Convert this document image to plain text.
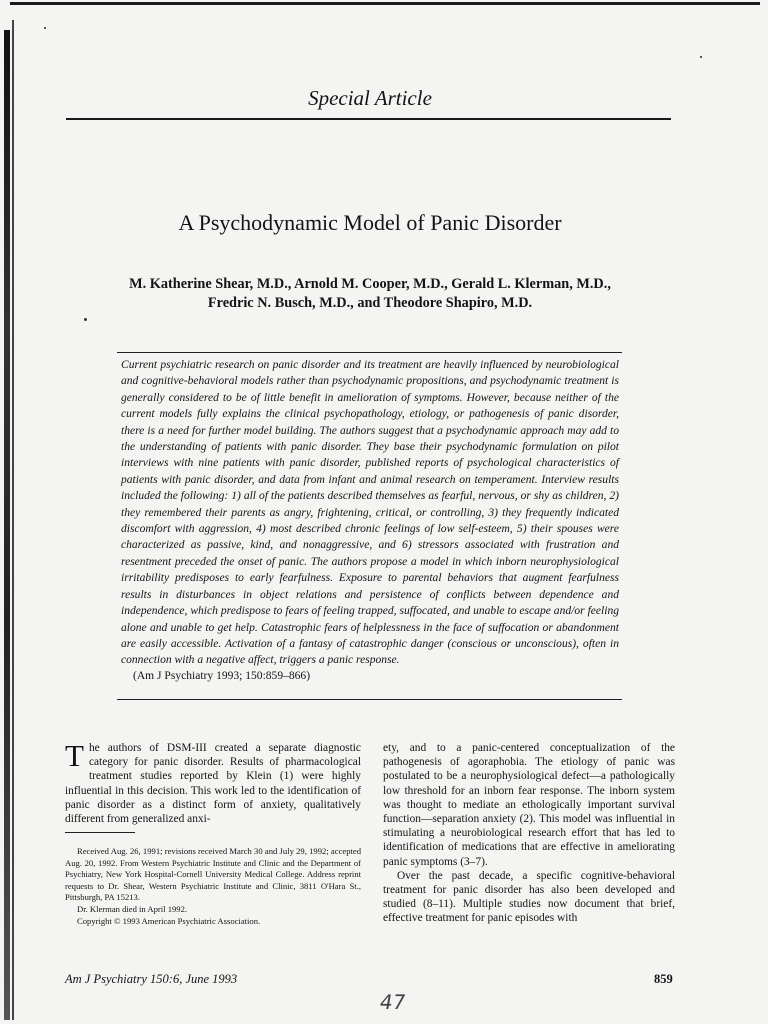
Special Article
A Psychodynamic Model of Panic Disorder
M. Katherine Shear, M.D., Arnold M. Cooper, M.D., Gerald L. Klerman, M.D.,
Fredric N. Busch, M.D., and Theodore Shapiro, M.D.
Current psychiatric research on panic disorder and its treatment are heavily influenced by neurobiological and cognitive-behavioral models rather than psychodynamic propositions, and psychodynamic treatment is generally considered to be of little benefit in amelioration of symptoms. However, because neither of the current models fully explains the clinical psychopathology, etiology, or pathogenesis of panic disorder, there is a need for further model building. The authors suggest that a psychodynamic approach may add to the understanding of patients with panic disorder. They base their psychodynamic formulation on pilot interviews with nine patients with panic disorder, published reports of psychological characteristics of patients with panic disorder, and data from infant and animal research on temperament. Interview results included the following: 1) all of the patients described themselves as fearful, nervous, or shy as children, 2) they remembered their parents as angry, frightening, critical, or controlling, 3) they frequently indicated discomfort with aggression, 4) most described chronic feelings of low self-esteem, 5) their spouses were characterized as passive, kind, and nonaggressive, and 6) stressors associated with frustration and resentment preceded the onset of panic. The authors propose a model in which inborn neurophysiological irritability predisposes to early fearfulness. Exposure to parental behaviors that augment fearfulness results in disturbances in object relations and persistence of conflicts between dependence and independence, which predispose to fears of feeling trapped, suffocated, and unable to escape and/or feeling alone and unable to get help. Catastrophic fears of helplessness in the face of suffocation or abandonment are easily accessible. Activation of a fantasy of catastrophic danger (conscious or unconscious), often in connection with a negative affect, triggers a panic response.
(Am J Psychiatry 1993; 150:859–866)

T he authors of DSM-III created a separate diagnostic category for panic disorder. Results of pharmacological treatment studies reported by Klein (1) were highly influential in this decision. This work led to the identification of panic disorder as a distinct form of anxiety, qualitatively different from generalized anxi-

Received Aug. 26, 1991; revisions received March 30 and July 29, 1992; accepted Aug. 20, 1992. From Western Psychiatric Institute and Clinic and the Department of Psychiatry, New York Hospital-Cornell University Medical College. Address reprint requests to Dr. Shear, Western Psychiatric Institute and Clinic, 3811 O'Hara St., Pittsburgh, PA 15213.

Dr. Klerman died in April 1992.

Copyright © 1993 American Psychiatric Association.

ety, and to a panic-centered conceptualization of the pathogenesis of agoraphobia. The etiology of panic was postulated to be a neurophysiological defect—a pathologically low threshold for an inborn fear response. The inborn system was thought to mediate an ethologically important survival function—separation anxiety (2). This model was influential in stimulating a neurobiological research effort that has led to identification of medications that are effective in ameliorating panic symptoms (3–7).

Over the past decade, a specific cognitive-behavioral treatment for panic disorder has also been developed and studied (8–11). Multiple studies now document that brief, effective treatment for panic episodes with

Am J Psychiatry 150:6, June 1993	859
47
